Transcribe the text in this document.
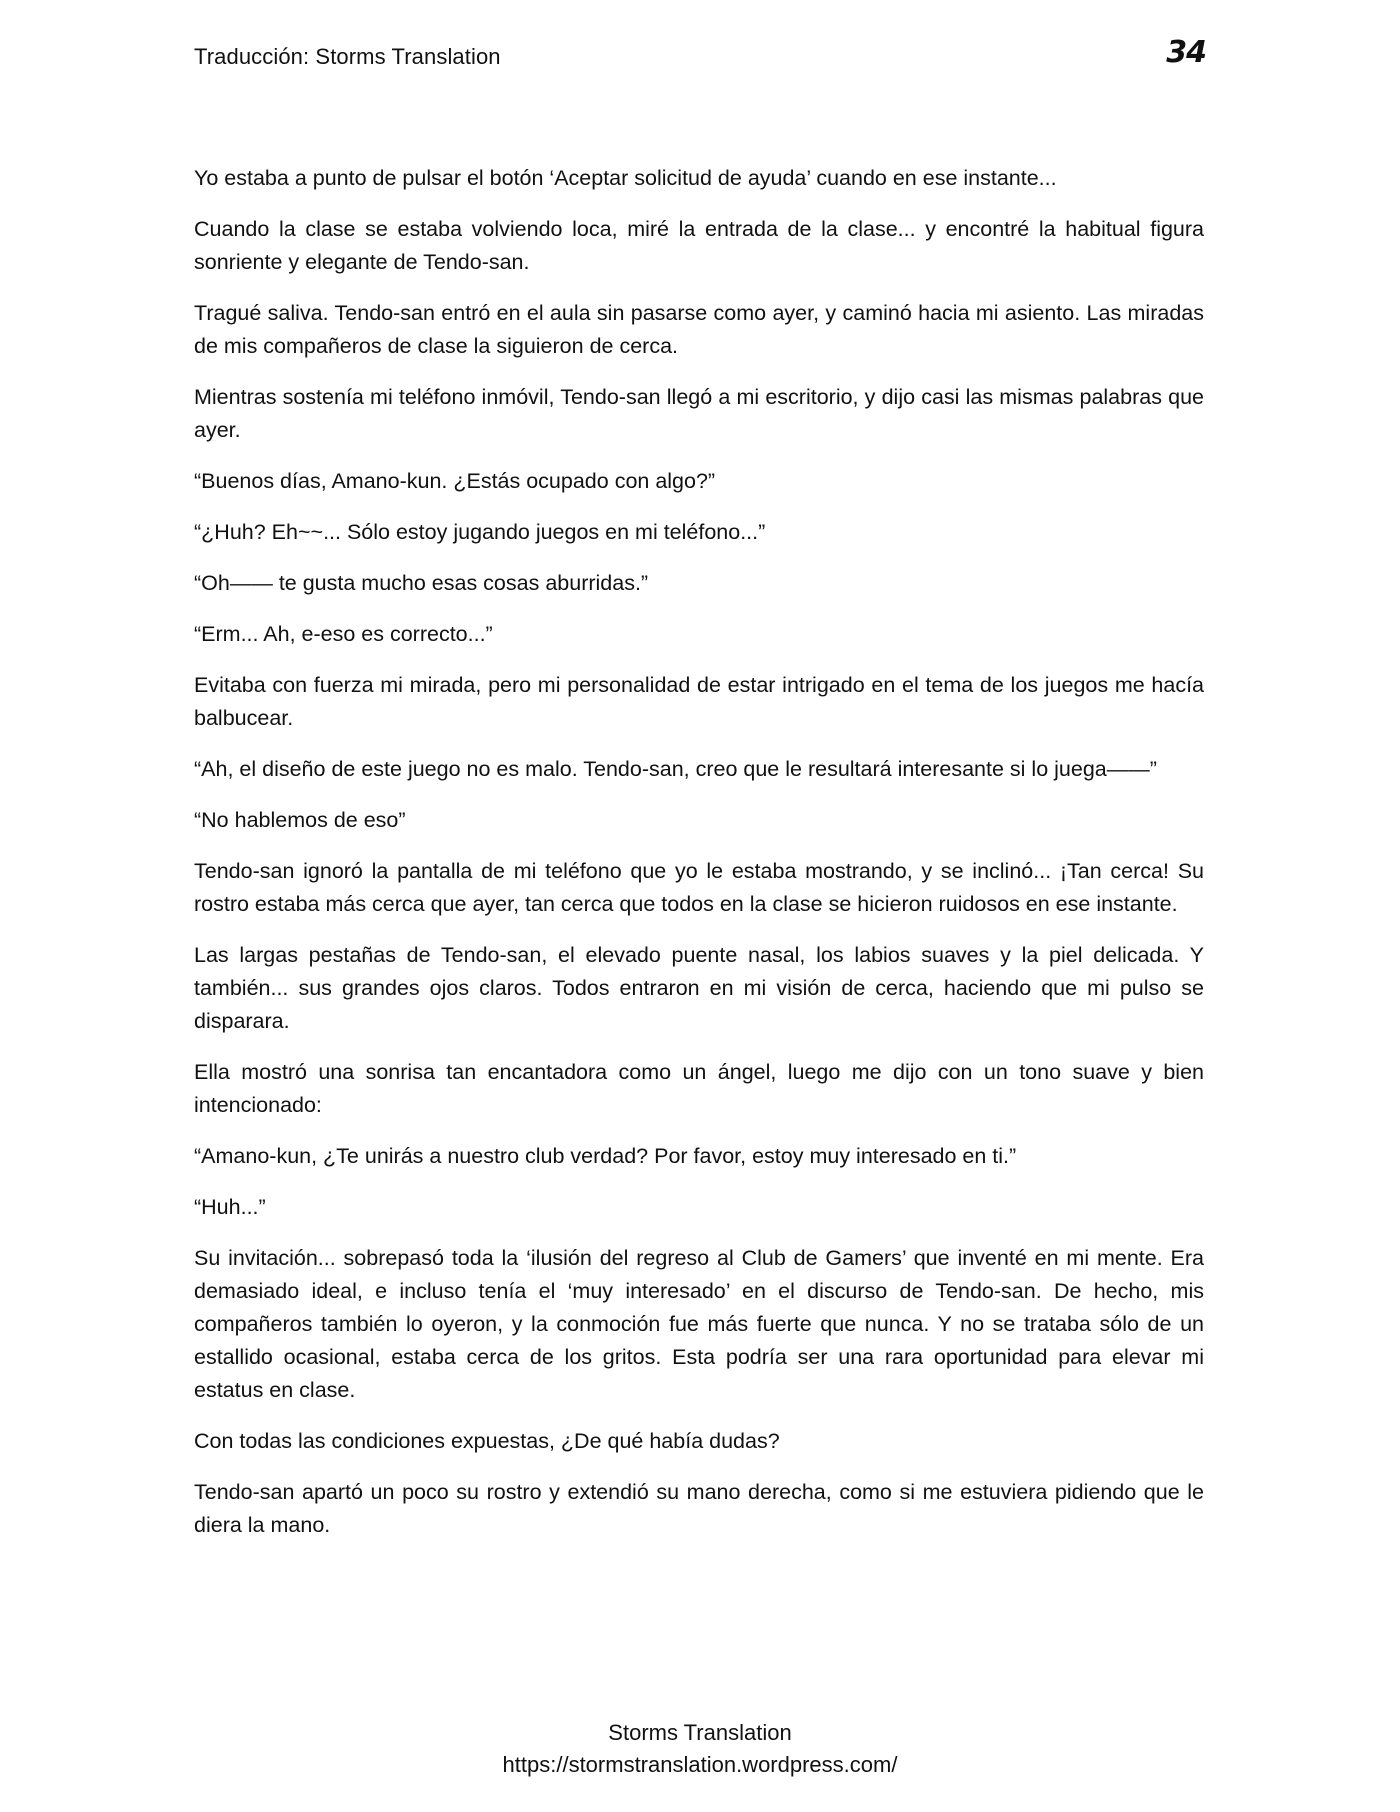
Traducción: Storms Translation	34

Yo estaba a punto de pulsar el botón ‘Aceptar solicitud de ayuda’ cuando en ese instante...

Cuando la clase se estaba volviendo loca, miré la entrada de la clase... y encontré la habitual figura sonriente y elegante de Tendo-san.

Tragué saliva. Tendo-san entró en el aula sin pasarse como ayer, y caminó hacia mi asiento. Las miradas de mis compañeros de clase la siguieron de cerca.

Mientras sostenía mi teléfono inmóvil, Tendo-san llegó a mi escritorio, y dijo casi las mismas palabras que ayer.

“Buenos días, Amano-kun. ¿Estás ocupado con algo?”

“¿Huh? Eh~~... Sólo estoy jugando juegos en mi teléfono...”

“Oh—— te gusta mucho esas cosas aburridas.”

“Erm... Ah, e-eso es correcto...”

Evitaba con fuerza mi mirada, pero mi personalidad de estar intrigado en el tema de los juegos me hacía balbucear.

“Ah, el diseño de este juego no es malo. Tendo-san, creo que le resultará interesante si lo juega——”

“No hablemos de eso”

Tendo-san ignoró la pantalla de mi teléfono que yo le estaba mostrando, y se inclinó... ¡Tan cerca! Su rostro estaba más cerca que ayer, tan cerca que todos en la clase se hicieron ruidosos en ese instante.

Las largas pestañas de Tendo-san, el elevado puente nasal, los labios suaves y la piel delicada. Y también... sus grandes ojos claros. Todos entraron en mi visión de cerca, haciendo que mi pulso se disparara.

Ella mostró una sonrisa tan encantadora como un ángel, luego me dijo con un tono suave y bien intencionado:

“Amano-kun, ¿Te unirás a nuestro club verdad? Por favor, estoy muy interesado en ti.”

“Huh...”

Su invitación... sobrepasó toda la ‘ilusión del regreso al Club de Gamers’ que inventé en mi mente. Era demasiado ideal, e incluso tenía el ‘muy interesado’ en el discurso de Tendo-san. De hecho, mis compañeros también lo oyeron, y la conmoción fue más fuerte que nunca. Y no se trataba sólo de un estallido ocasional, estaba cerca de los gritos. Esta podría ser una rara oportunidad para elevar mi estatus en clase.

Con todas las condiciones expuestas, ¿De qué había dudas?

Tendo-san apartó un poco su rostro y extendió su mano derecha, como si me estuviera pidiendo que le diera la mano.

Storms Translation
https://stormstranslation.wordpress.com/
